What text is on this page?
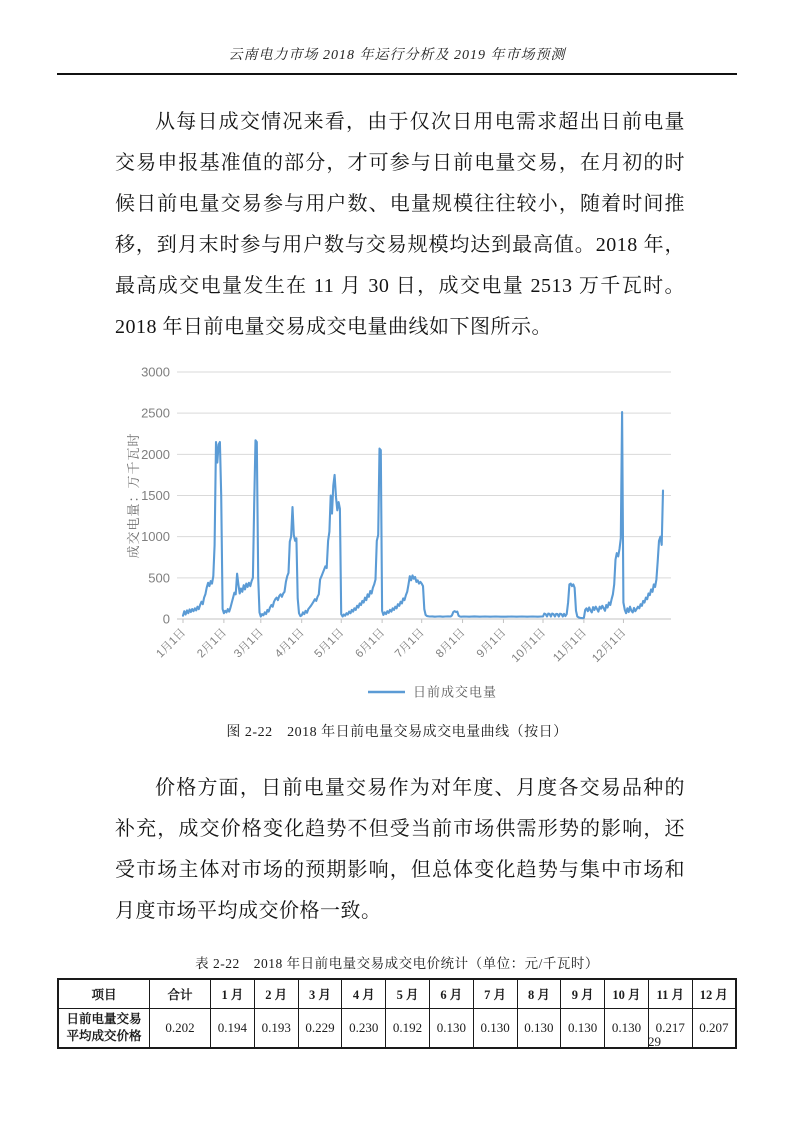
云南电力市场 2018 年运行分析及 2019 年市场预测

从每日成交情况来看，由于仅次日用电需求超出日前电量交易申报基准值的部分，才可参与日前电量交易，在月初的时候日前电量交易参与用户数、电量规模往往较小，随着时间推移，到月末时参与用户数与交易规模均达到最高值。2018 年，最高成交电量发生在 11 月 30 日，成交电量 2513 万千瓦时。2018 年日前电量交易成交电量曲线如下图所示。

0
500
1000
1500
2000
2500
3000
1月1日 2月1日 3月1日 4月1日 5月1日 6月1日 7月1日 8月1日 9月1日 10月1日 11月1日 12月1日
成交电量：万千瓦时
日前成交电量

图 2-22　2018 年日前电量交易成交电量曲线（按日）

价格方面，日前电量交易作为对年度、月度各交易品种的补充，成交价格变化趋势不但受当前市场供需形势的影响，还受市场主体对市场的预期影响，但总体变化趋势与集中市场和月度市场平均成交价格一致。

表 2-22　2018 年日前电量交易成交电价统计（单位：元/千瓦时）

项目	合计	1 月	2 月	3 月	4 月	5 月	6 月	7 月	8 月	9 月	10 月	11 月	12 月
日前电量交易平均成交价格	0.202	0.194	0.193	0.229	0.230	0.192	0.130	0.130	0.130	0.130	0.130	0.217	0.207
29
